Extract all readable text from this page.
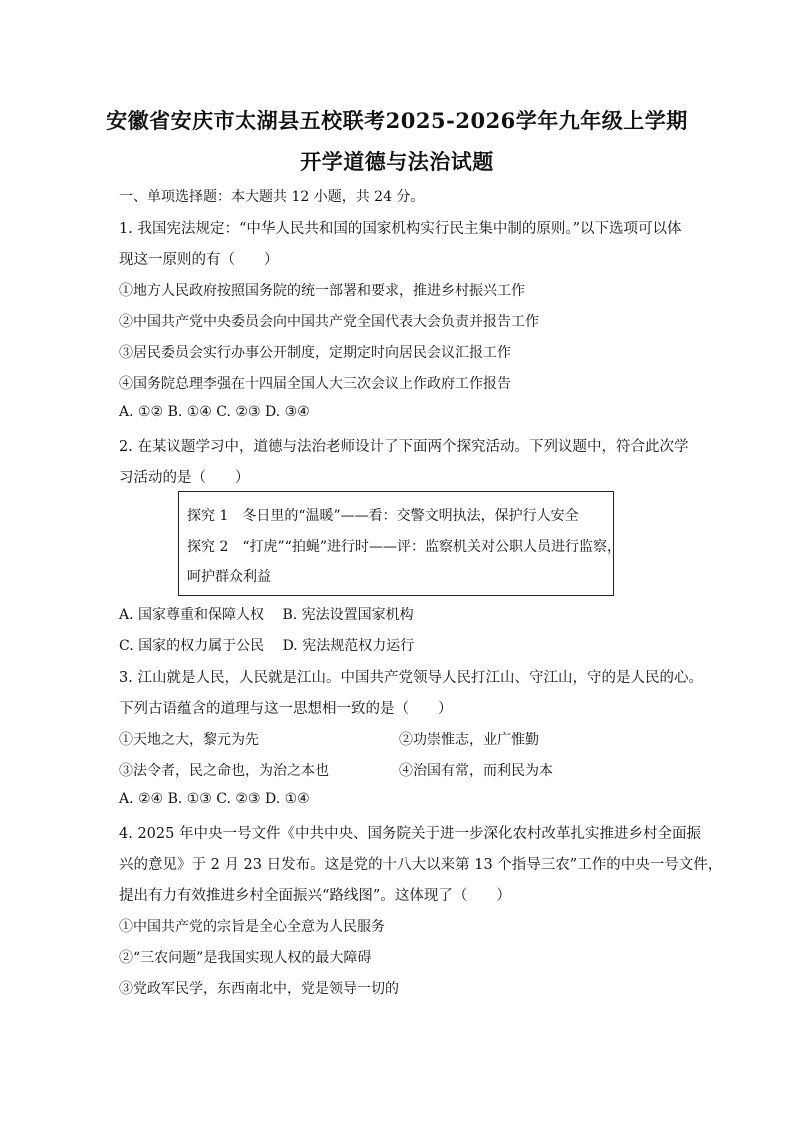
安徽省安庆市太湖县五校联考2025-2026学年九年级上学期
开学道德与法治试题
一、单项选择题：本大题共 12 小题，共 24 分。
1. 我国宪法规定：“中华人民共和国的国家机构实行民主集中制的原则。”以下选项可以体
现这一原则的有（　　）
①地方人民政府按照国务院的统一部署和要求，推进乡村振兴工作
②中国共产党中央委员会向中国共产党全国代表大会负责并报告工作
③居民委员会实行办事公开制度，定期定时向居民会议汇报工作
④国务院总理李强在十四届全国人大三次会议上作政府工作报告
A. ①② B. ①④ C. ②③ D. ③④
2. 在某议题学习中，道德与法治老师设计了下面两个探究活动。下列议题中，符合此次学
习活动的是（　　）
探究 1　冬日里的“温暖”——看：交警文明执法，保护行人安全
探究 2　“打虎”“拍蝇”进行时——评：监察机关对公职人员进行监察，
呵护群众利益
A. 国家尊重和保障人权　 B. 宪法设置国家机构
C. 国家的权力属于公民　 D. 宪法规范权力运行
3. 江山就是人民，人民就是江山。中国共产党领导人民打江山、守江山，守的是人民的心。
下列古语蕴含的道理与这一思想相一致的是（　　）
①天地之大，黎元为先	②功崇惟志，业广惟勤
③法令者，民之命也，为治之本也	④治国有常，而利民为本
A. ②④ B. ①③ C. ②③ D. ①④
4. 2025 年中央一号文件《中共中央、国务院关于进一步深化农村改革扎实推进乡村全面振
兴的意见》于 2 月 23 日发布。这是党的十八大以来第 13 个指导三农”工作的中央一号文件，
提出有力有效推进乡村全面振兴“路线图”。这体现了（　　）
①中国共产党的宗旨是全心全意为人民服务
②“三农问题”是我国实现人权的最大障碍
③党政军民学，东西南北中，党是领导一切的
